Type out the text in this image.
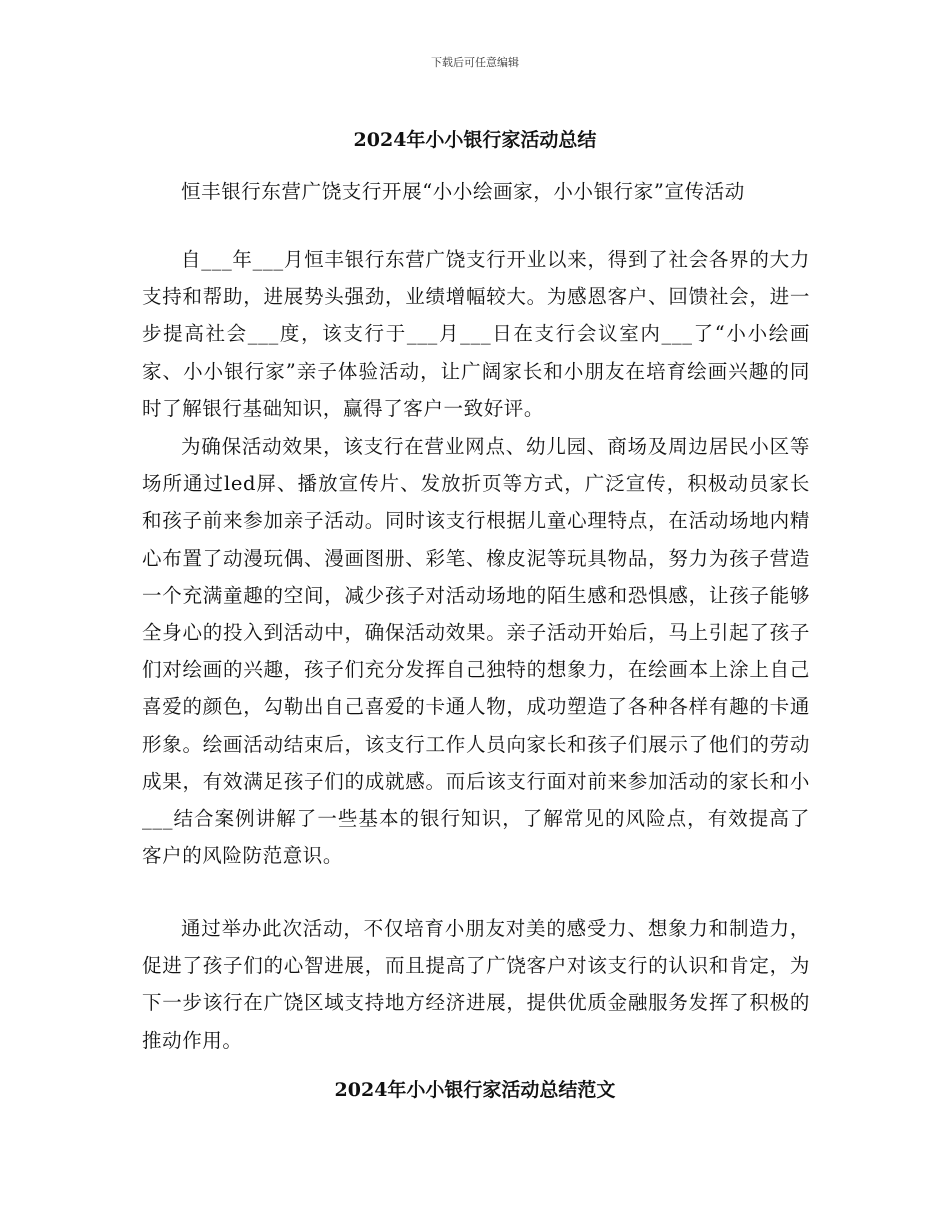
下载后可任意编辑
2024年小小银行家活动总结

恒丰银行东营广饶支行开展“小小绘画家，小小银行家”宣传活动

自___年___月恒丰银行东营广饶支行开业以来，得到了社会各界的大力支持和帮助，进展势头强劲，业绩增幅较大。为感恩客户、回馈社会，进一步提高社会___度，该支行于___月___日在支行会议室内___了“小小绘画家、小小银行家”亲子体验活动，让广阔家长和小朋友在培育绘画兴趣的同时了解银行基础知识，赢得了客户一致好评。

为确保活动效果，该支行在营业网点、幼儿园、商场及周边居民小区等场所通过led屏、播放宣传片、发放折页等方式，广泛宣传，积极动员家长和孩子前来参加亲子活动。同时该支行根据儿童心理特点，在活动场地内精心布置了动漫玩偶、漫画图册、彩笔、橡皮泥等玩具物品，努力为孩子营造一个充满童趣的空间，减少孩子对活动场地的陌生感和恐惧感，让孩子能够全身心的投入到活动中，确保活动效果。亲子活动开始后，马上引起了孩子们对绘画的兴趣，孩子们充分发挥自己独特的想象力，在绘画本上涂上自己喜爱的颜色，勾勒出自己喜爱的卡通人物，成功塑造了各种各样有趣的卡通形象。绘画活动结束后，该支行工作人员向家长和孩子们展示了他们的劳动成果，有效满足孩子们的成就感。而后该支行面对前来参加活动的家长和小___结合案例讲解了一些基本的银行知识，了解常见的风险点，有效提高了客户的风险防范意识。

通过举办此次活动，不仅培育小朋友对美的感受力、想象力和制造力，促进了孩子们的心智进展，而且提高了广饶客户对该支行的认识和肯定，为下一步该行在广饶区域支持地方经济进展，提供优质金融服务发挥了积极的推动作用。

2024年小小银行家活动总结范文
